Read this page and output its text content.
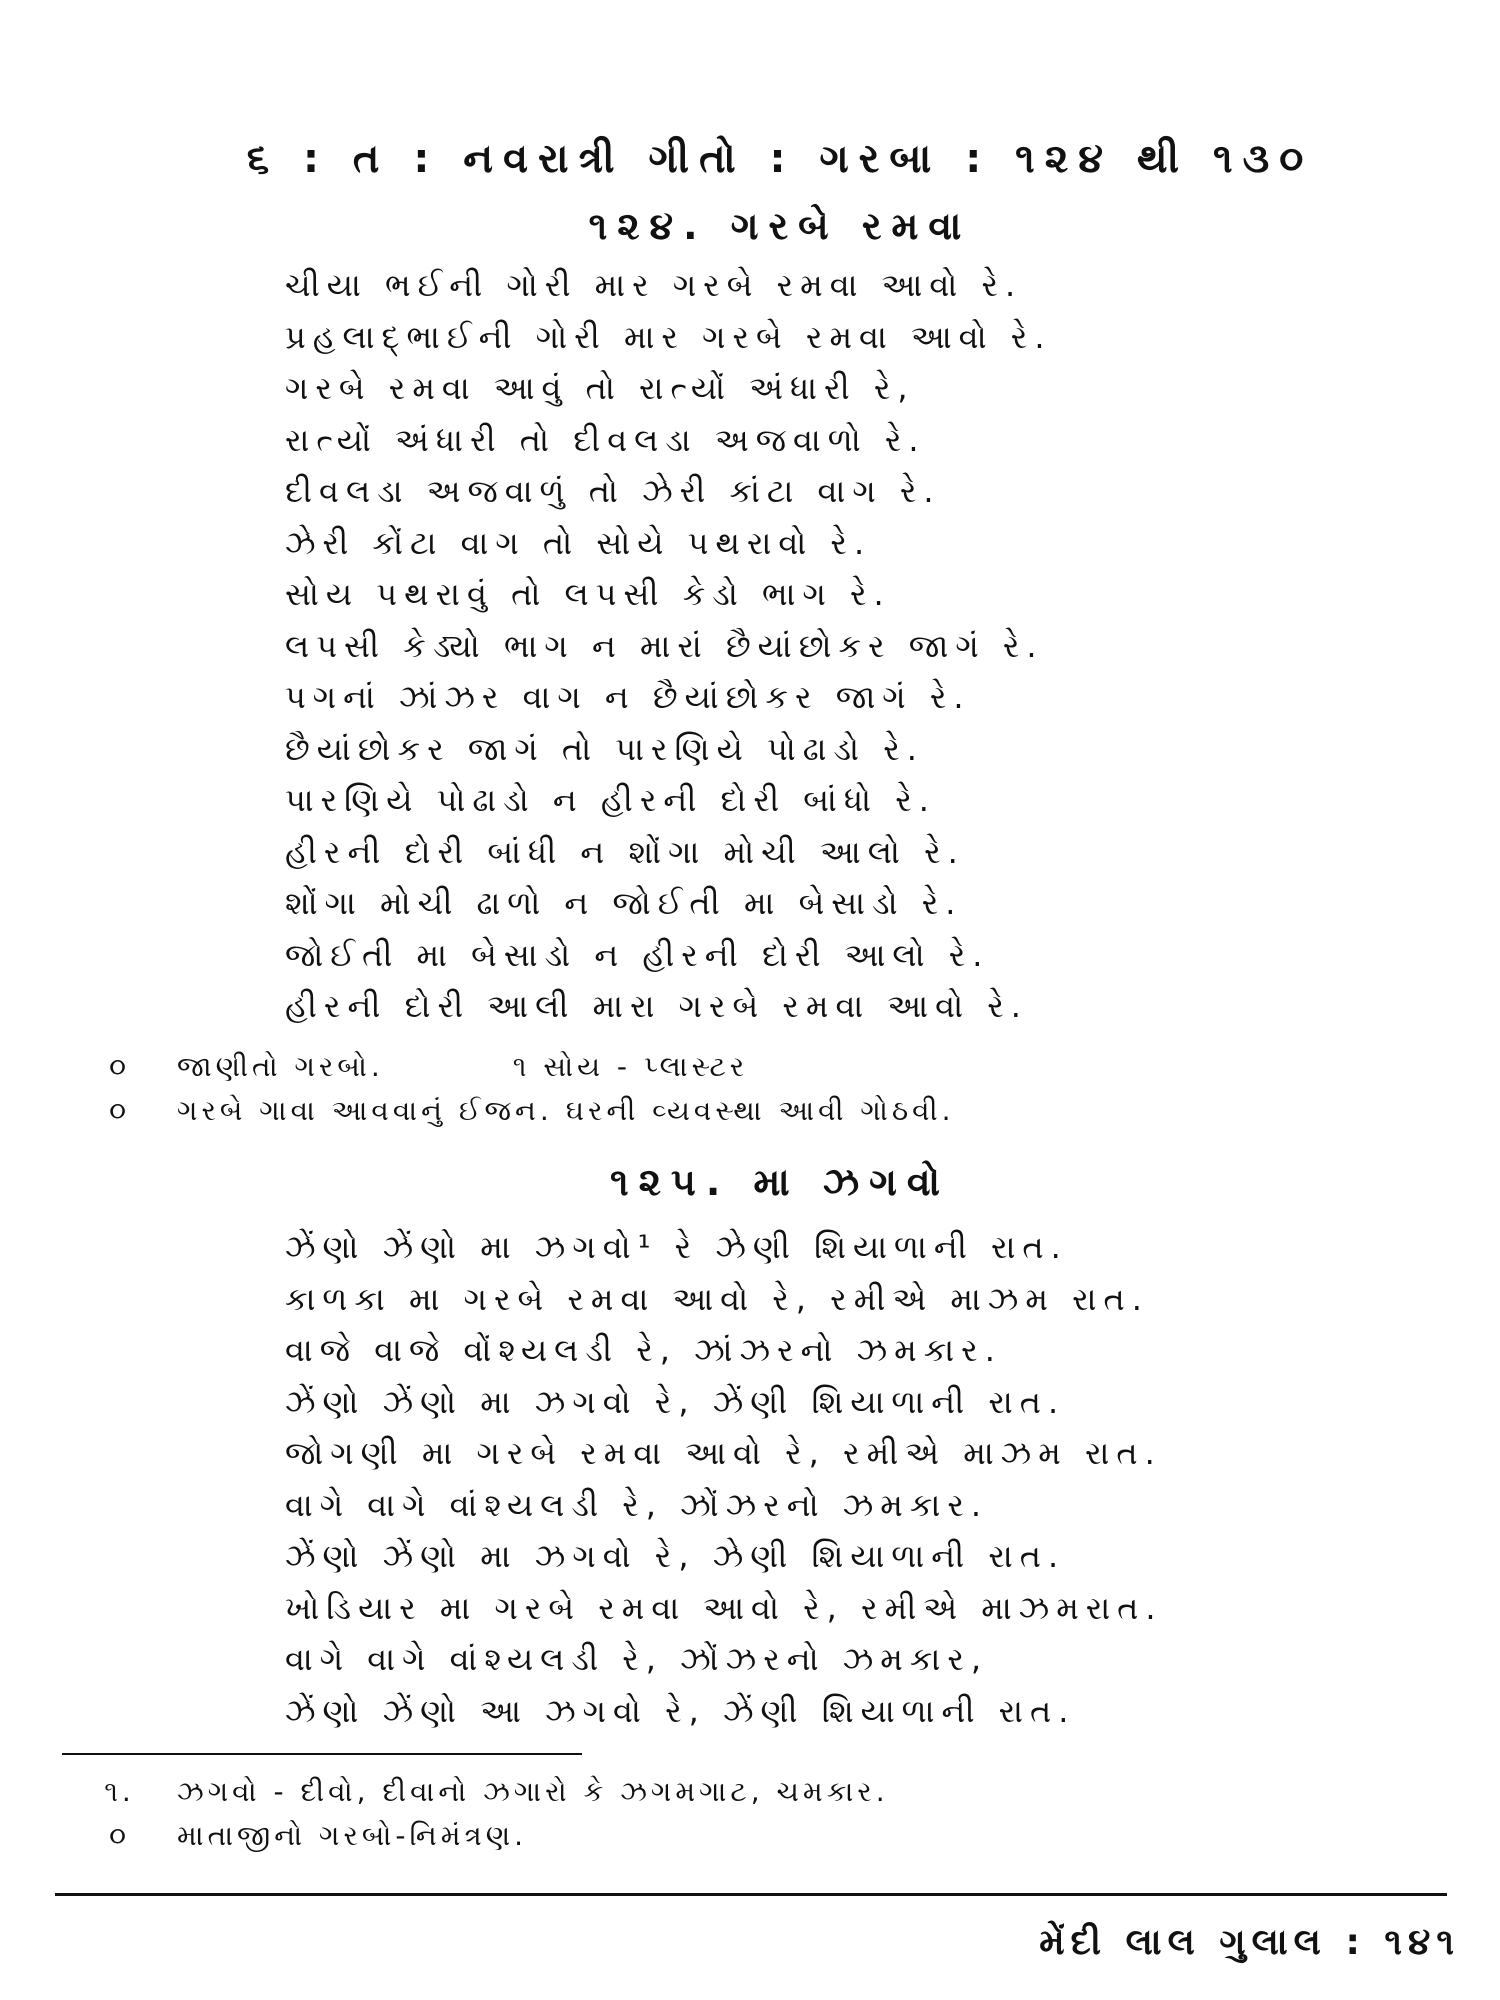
૬ : ત : નવરાત્રી ગીતો : ગરબા : ૧૨૪ થી ૧૩૦
૧૨૪. ગરબે રમવા
ચીયા ભઈની ગોરી માર ગરબે રમવા આવો રે.
પ્રહલાદ્ભાઈની ગોરી માર ગરબે રમવા આવો રે.
ગરબે રમવા આવું તો રાત્યોં અંધારી રે,
રાત્યોં અંધારી તો દીવલડા અજવાળો રે.
દીવલડા અજવાળું તો ઝેરી કાંટા વાગ રે.
ઝેરી કોંટા વાગ તો સોયે પથરાવો રે.
સોય પથરાવું તો લપસી કેડો ભાગ રે.
લપસી કેડ્યો ભાગ ન મારાં છૈયાંછોકર જાગં રે.
પગનાં ઝાંઝર વાગ ન છૈયાંછોકર જાગં રે.
છૈયાંછોકર જાગં તો પારણિયે પોઢાડો રે.
પારણિયે પોઢાડો ન હીરની દોરી બાંધો રે.
હીરની દોરી બાંધી ન શોંગા મોચી આલો રે.
શોંગા મોચી ઢાળો ન જોઈતી મા બેસાડો રે.
જોઈતી મા બેસાડો ન હીરની દોરી આલો રે.
હીરની દોરી આલી મારા ગરબે રમવા આવો રે.
૦ જાણીતો ગરબો.          ૧ સોય - પ્લાસ્ટર
૦ ગરબે ગાવા આવવાનું ઈજન. ઘરની વ્યવસ્થા આવી ગોઠવી.
૧૨૫. મા ઝગવો
ઝેંણો ઝેંણો મા ઝગવો¹ રે ઝેણી શિયાળાની રાત.
કાળકા મા ગરબે રમવા આવો રે, રમીએ માઝમ રાત.
વાજે વાજે વોંશ્યલડી રે, ઝાંઝરનો ઝમકાર.
ઝેંણો ઝેંણો મા ઝગવો રે, ઝેંણી શિયાળાની રાત.
જોગણી મા ગરબે રમવા આવો રે, રમીએ માઝમ રાત.
વાગે વાગે વાંશ્યલડી રે, ઝોંઝરનો ઝમકાર.
ઝેંણો ઝેંણો મા ઝગવો રે, ઝેણી શિયાળાની રાત.
ખોડિયાર મા ગરબે રમવા આવો રે, રમીએ માઝમરાત.
વાગે વાગે વાંશ્યલડી રે, ઝોંઝરનો ઝમકાર,
ઝેંણો ઝેંણો આ ઝગવો રે, ઝેંણી શિયાળાની રાત.
૧. ઝગવો - દીવો, દીવાનો ઝગારો કે ઝગમગાટ, ચમકાર.
૦ માતાજીનો ગરબો-નિમંત્રણ.
મેંદી લાલ ગુલાલ : ૧૪૧
